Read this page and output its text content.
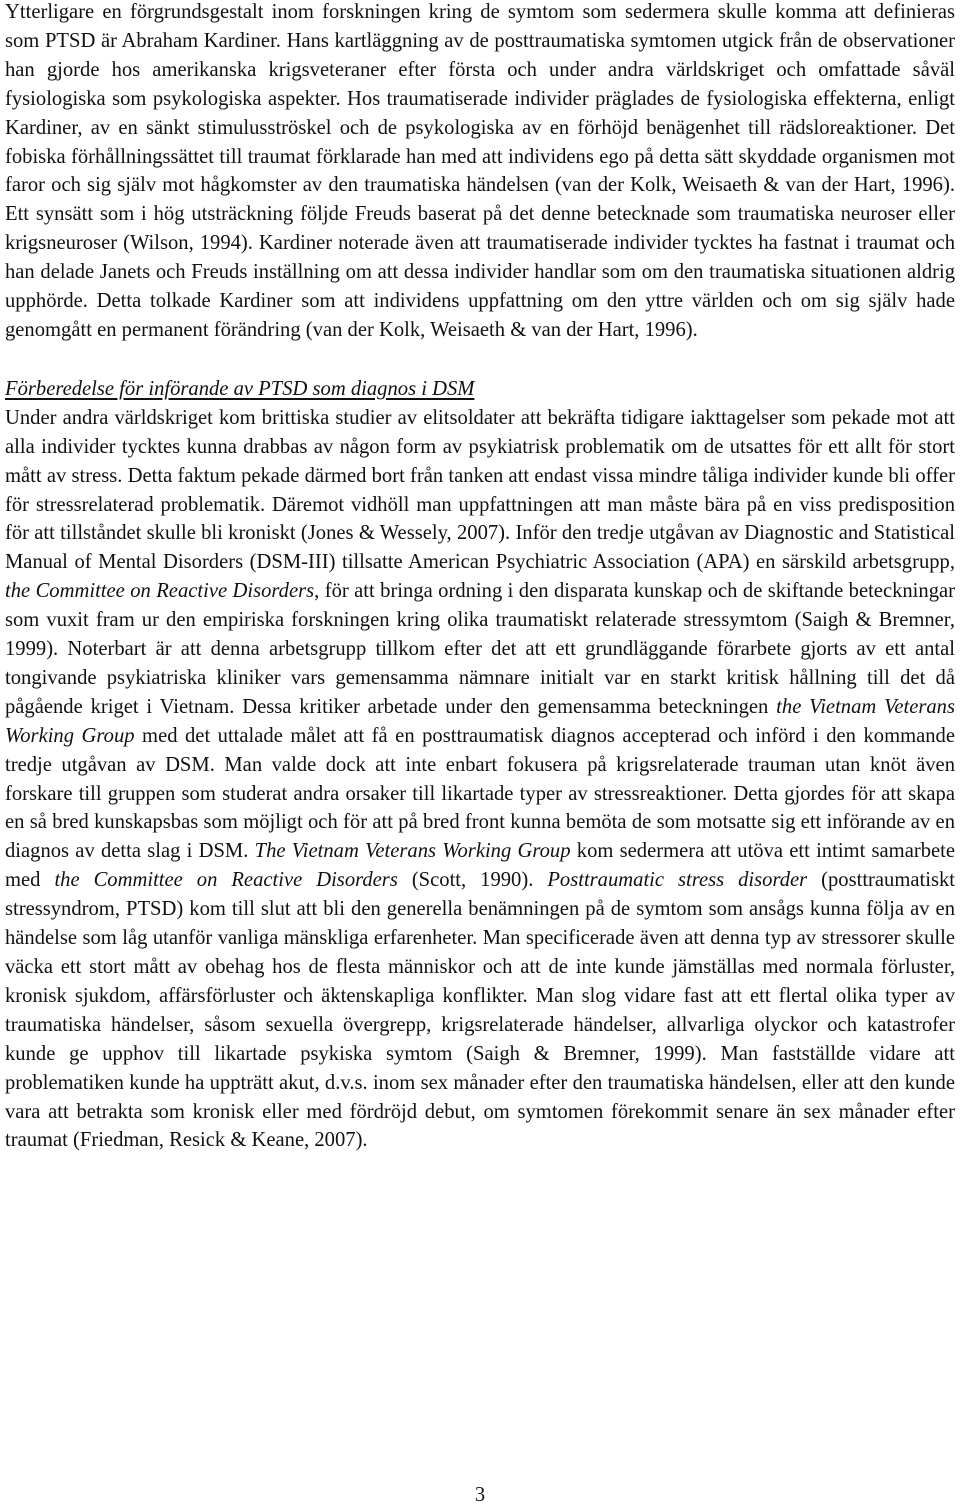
Ytterligare en förgrundsgestalt inom forskningen kring de symtom som sedermera skulle komma att definieras som PTSD är Abraham Kardiner. Hans kartläggning av de posttraumatiska symtomen utgick från de observationer han gjorde hos amerikanska krigsveteraner efter första och under andra världskriget och omfattade såväl fysiologiska som psykologiska aspekter. Hos traumatiserade individer präglades de fysiologiska effekterna, enligt Kardiner, av en sänkt stimulusströskel och de psykologiska av en förhöjd benägenhet till rädsloreaktioner. Det fobiska förhållningssättet till traumat förklarade han med att individens ego på detta sätt skyddade organismen mot faror och sig själv mot hågkomster av den traumatiska händelsen (van der Kolk, Weisaeth & van der Hart, 1996). Ett synsätt som i hög utsträckning följde Freuds baserat på det denne betecknade som traumatiska neuroser eller krigsneuroser (Wilson, 1994). Kardiner noterade även att traumatiserade individer tycktes ha fastnat i traumat och han delade Janets och Freuds inställning om att dessa individer handlar som om den traumatiska situationen aldrig upphörde. Detta tolkade Kardiner som att individens uppfattning om den yttre världen och om sig själv hade genomgått en permanent förändring (van der Kolk, Weisaeth & van der Hart, 1996).

Förberedelse för införande av PTSD som diagnos i DSM

Under andra världskriget kom brittiska studier av elitsoldater att bekräfta tidigare iakttagelser som pekade mot att alla individer tycktes kunna drabbas av någon form av psykiatrisk problematik om de utsattes för ett allt för stort mått av stress. Detta faktum pekade därmed bort från tanken att endast vissa mindre tåliga individer kunde bli offer för stressrelaterad problematik. Däremot vidhöll man uppfattningen att man måste bära på en viss predisposition för att tillståndet skulle bli kroniskt (Jones & Wessely, 2007). Inför den tredje utgåvan av Diagnostic and Statistical Manual of Mental Disorders (DSM-III) tillsatte American Psychiatric Association (APA) en särskild arbetsgrupp, the Committee on Reactive Disorders, för att bringa ordning i den disparata kunskap och de skiftande beteckningar som vuxit fram ur den empiriska forskningen kring olika traumatiskt relaterade stressymtom (Saigh & Bremner, 1999). Noterbart är att denna arbetsgrupp tillkom efter det att ett grundläggande förarbete gjorts av ett antal tongivande psykiatriska kliniker vars gemensamma nämnare initialt var en starkt kritisk hållning till det då pågående kriget i Vietnam. Dessa kritiker arbetade under den gemensamma beteckningen the Vietnam Veterans Working Group med det uttalade målet att få en posttraumatisk diagnos accepterad och införd i den kommande tredje utgåvan av DSM. Man valde dock att inte enbart fokusera på krigsrelaterade trauman utan knöt även forskare till gruppen som studerat andra orsaker till likartade typer av stressreaktioner. Detta gjordes för att skapa en så bred kunskapsbas som möjligt och för att på bred front kunna bemöta de som motsatte sig ett införande av en diagnos av detta slag i DSM. The Vietnam Veterans Working Group kom sedermera att utöva ett intimt samarbete med the Committee on Reactive Disorders (Scott, 1990). Posttraumatic stress disorder (posttraumatiskt stressyndrom, PTSD) kom till slut att bli den generella benämningen på de symtom som ansågs kunna följa av en händelse som låg utanför vanliga mänskliga erfarenheter. Man specificerade även att denna typ av stressorer skulle väcka ett stort mått av obehag hos de flesta människor och att de inte kunde jämställas med normala förluster, kronisk sjukdom, affärsförluster och äktenskapliga konflikter. Man slog vidare fast att ett flertal olika typer av traumatiska händelser, såsom sexuella övergrepp, krigsrelaterade händelser, allvarliga olyckor och katastrofer kunde ge upphov till likartade psykiska symtom (Saigh & Bremner, 1999). Man fastställde vidare att problematiken kunde ha uppträtt akut, d.v.s. inom sex månader efter den traumatiska händelsen, eller att den kunde vara att betrakta som kronisk eller med fördröjd debut, om symtomen förekommit senare än sex månader efter traumat (Friedman, Resick & Keane, 2007).

3
